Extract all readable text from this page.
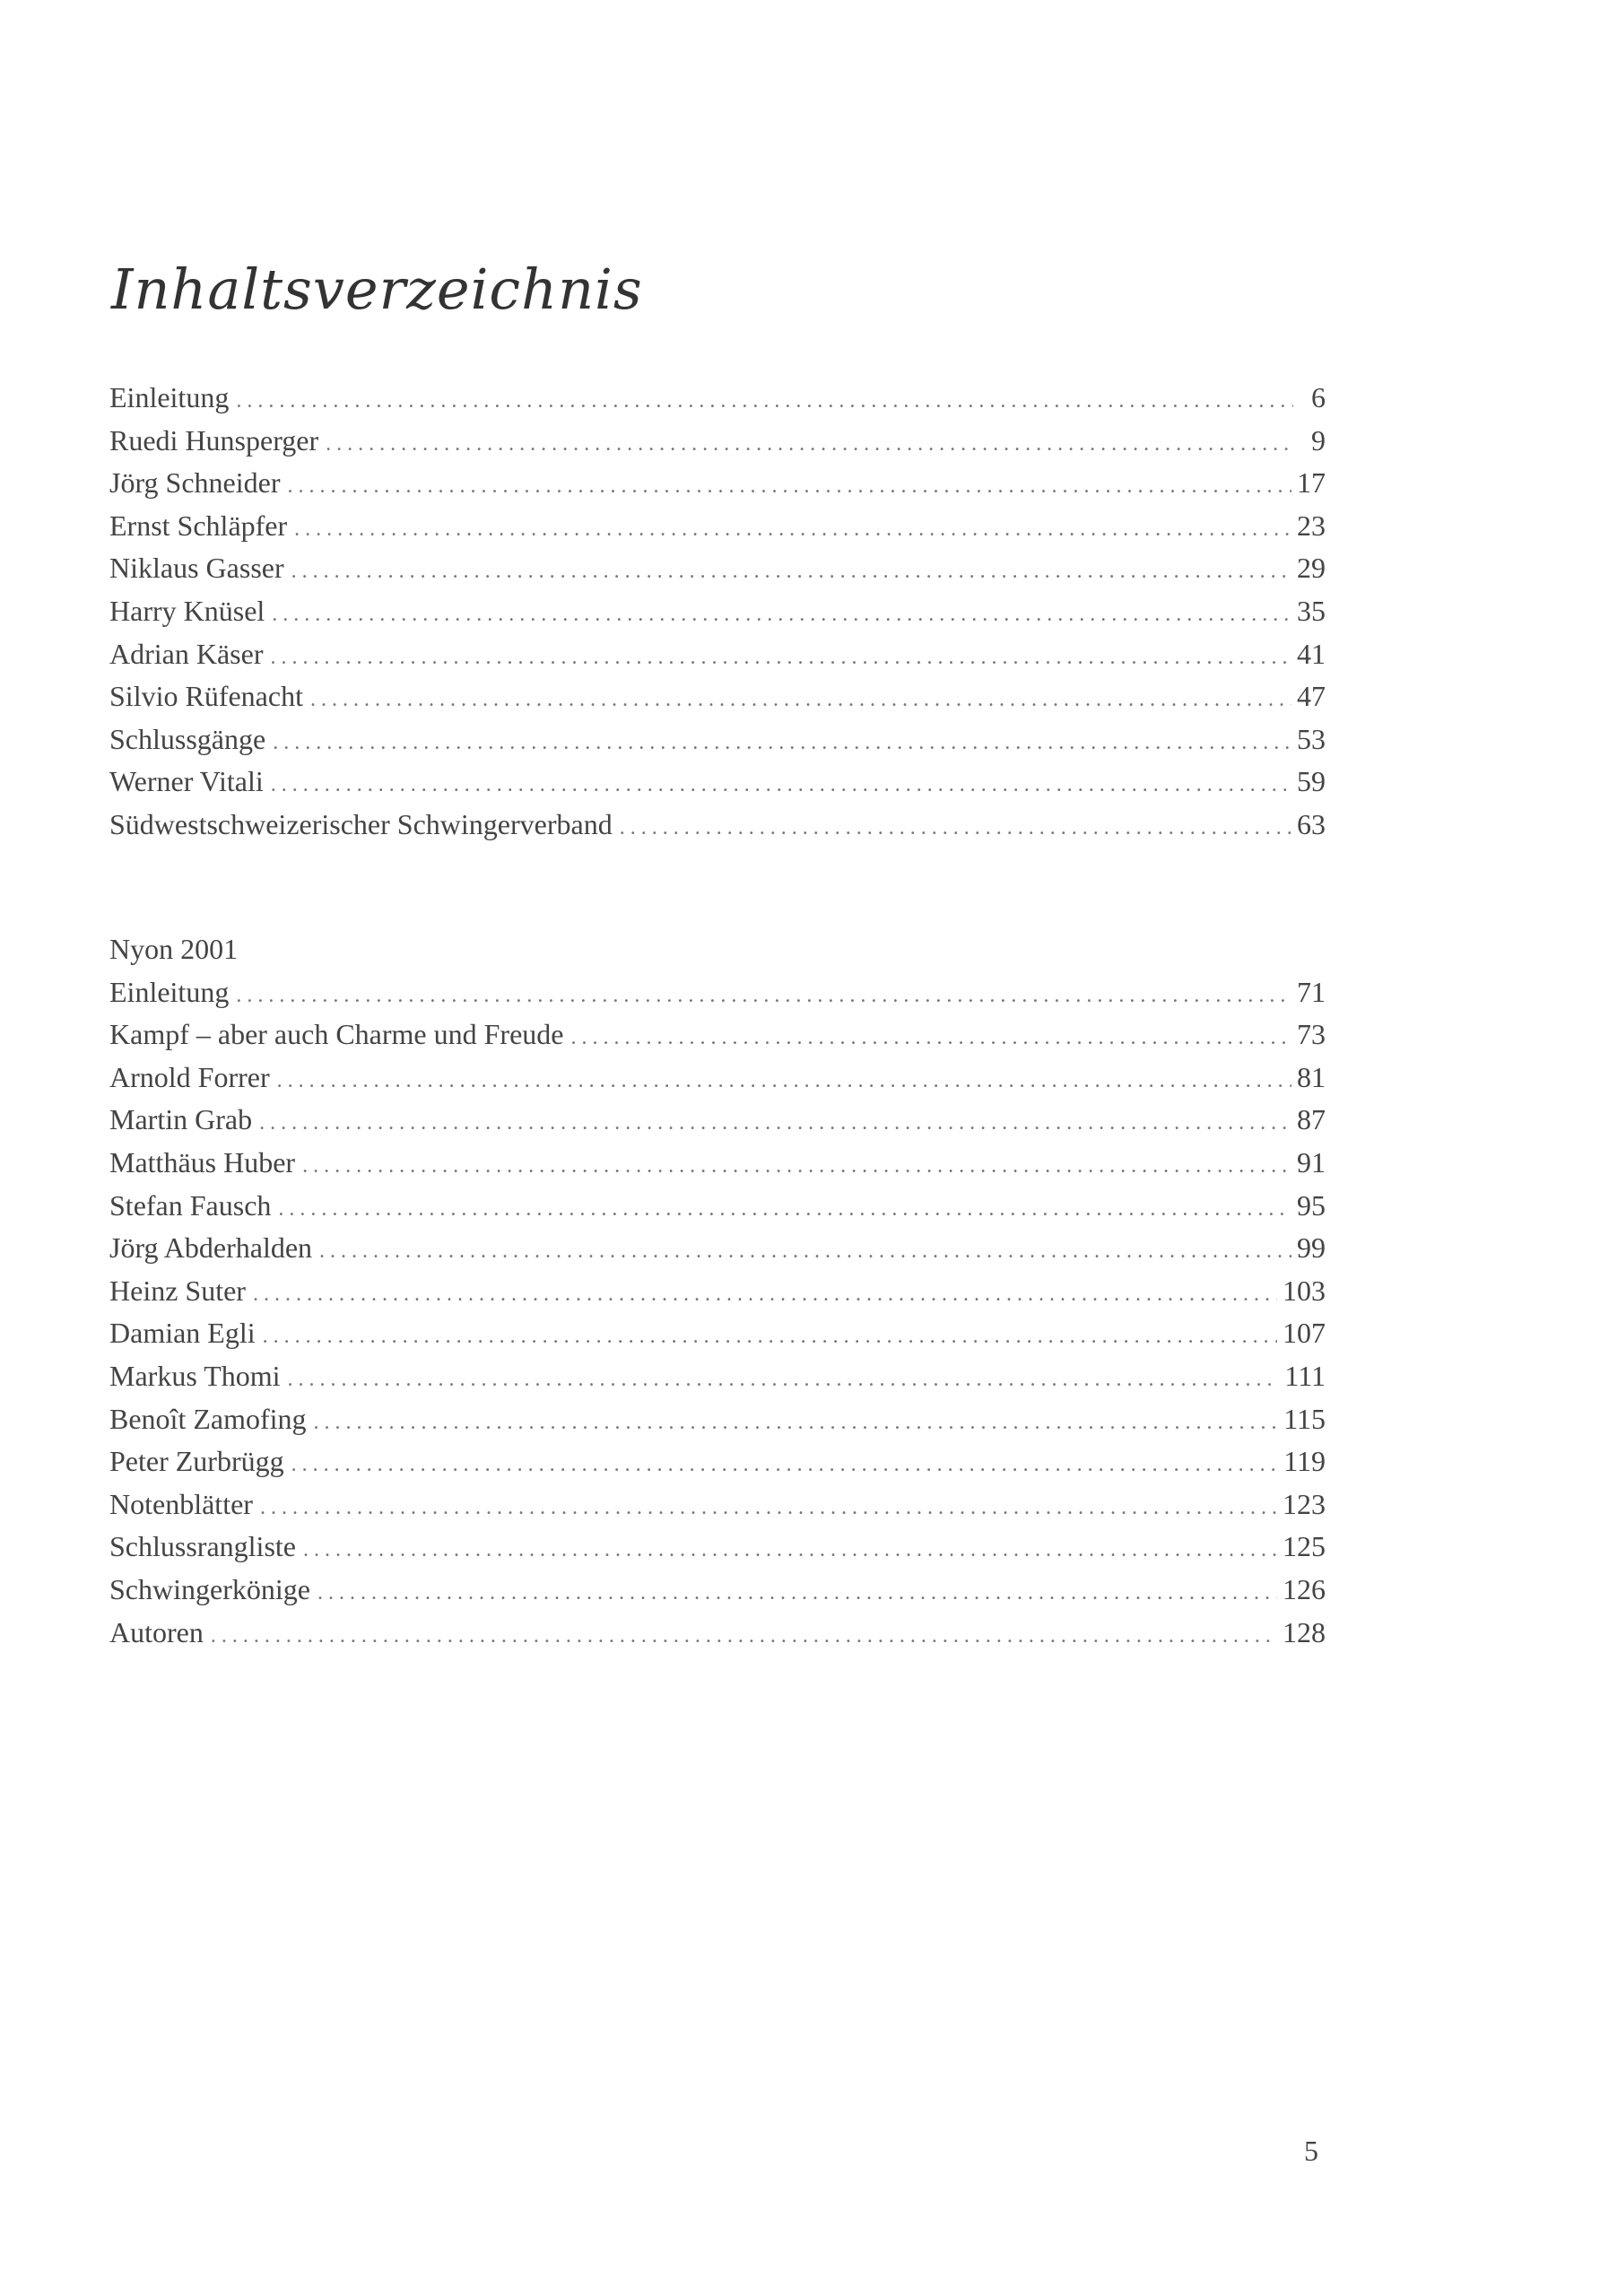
Inhaltsverzeichnis
Einleitung . . .	6
Ruedi Hunsperger . . .	9
Jörg Schneider . . .	17
Ernst Schläpfer . . .	23
Niklaus Gasser . . .	29
Harry Knüsel . . .	35
Adrian Käser . . .	41
Silvio Rüfenacht . . .	47
Schlussgänge . . .	53
Werner Vitali . . .	59
Südwestschweizerischer Schwingerverband . . .	63
Nyon 2001
Einleitung . . .	71
Kampf – aber auch Charme und Freude . . .	73
Arnold Forrer . . .	81
Martin Grab . . .	87
Matthäus Huber . . .	91
Stefan Fausch . . .	95
Jörg Abderhalden . . .	99
Heinz Suter . . .	103
Damian Egli . . .	107
Markus Thomi . . .	111
Benoît Zamofing . . .	115
Peter Zurbrügg . . .	119
Notenblätter . . .	123
Schlussrangliste . . .	125
Schwingerkönige . . .	126
Autoren . . .	128
5
